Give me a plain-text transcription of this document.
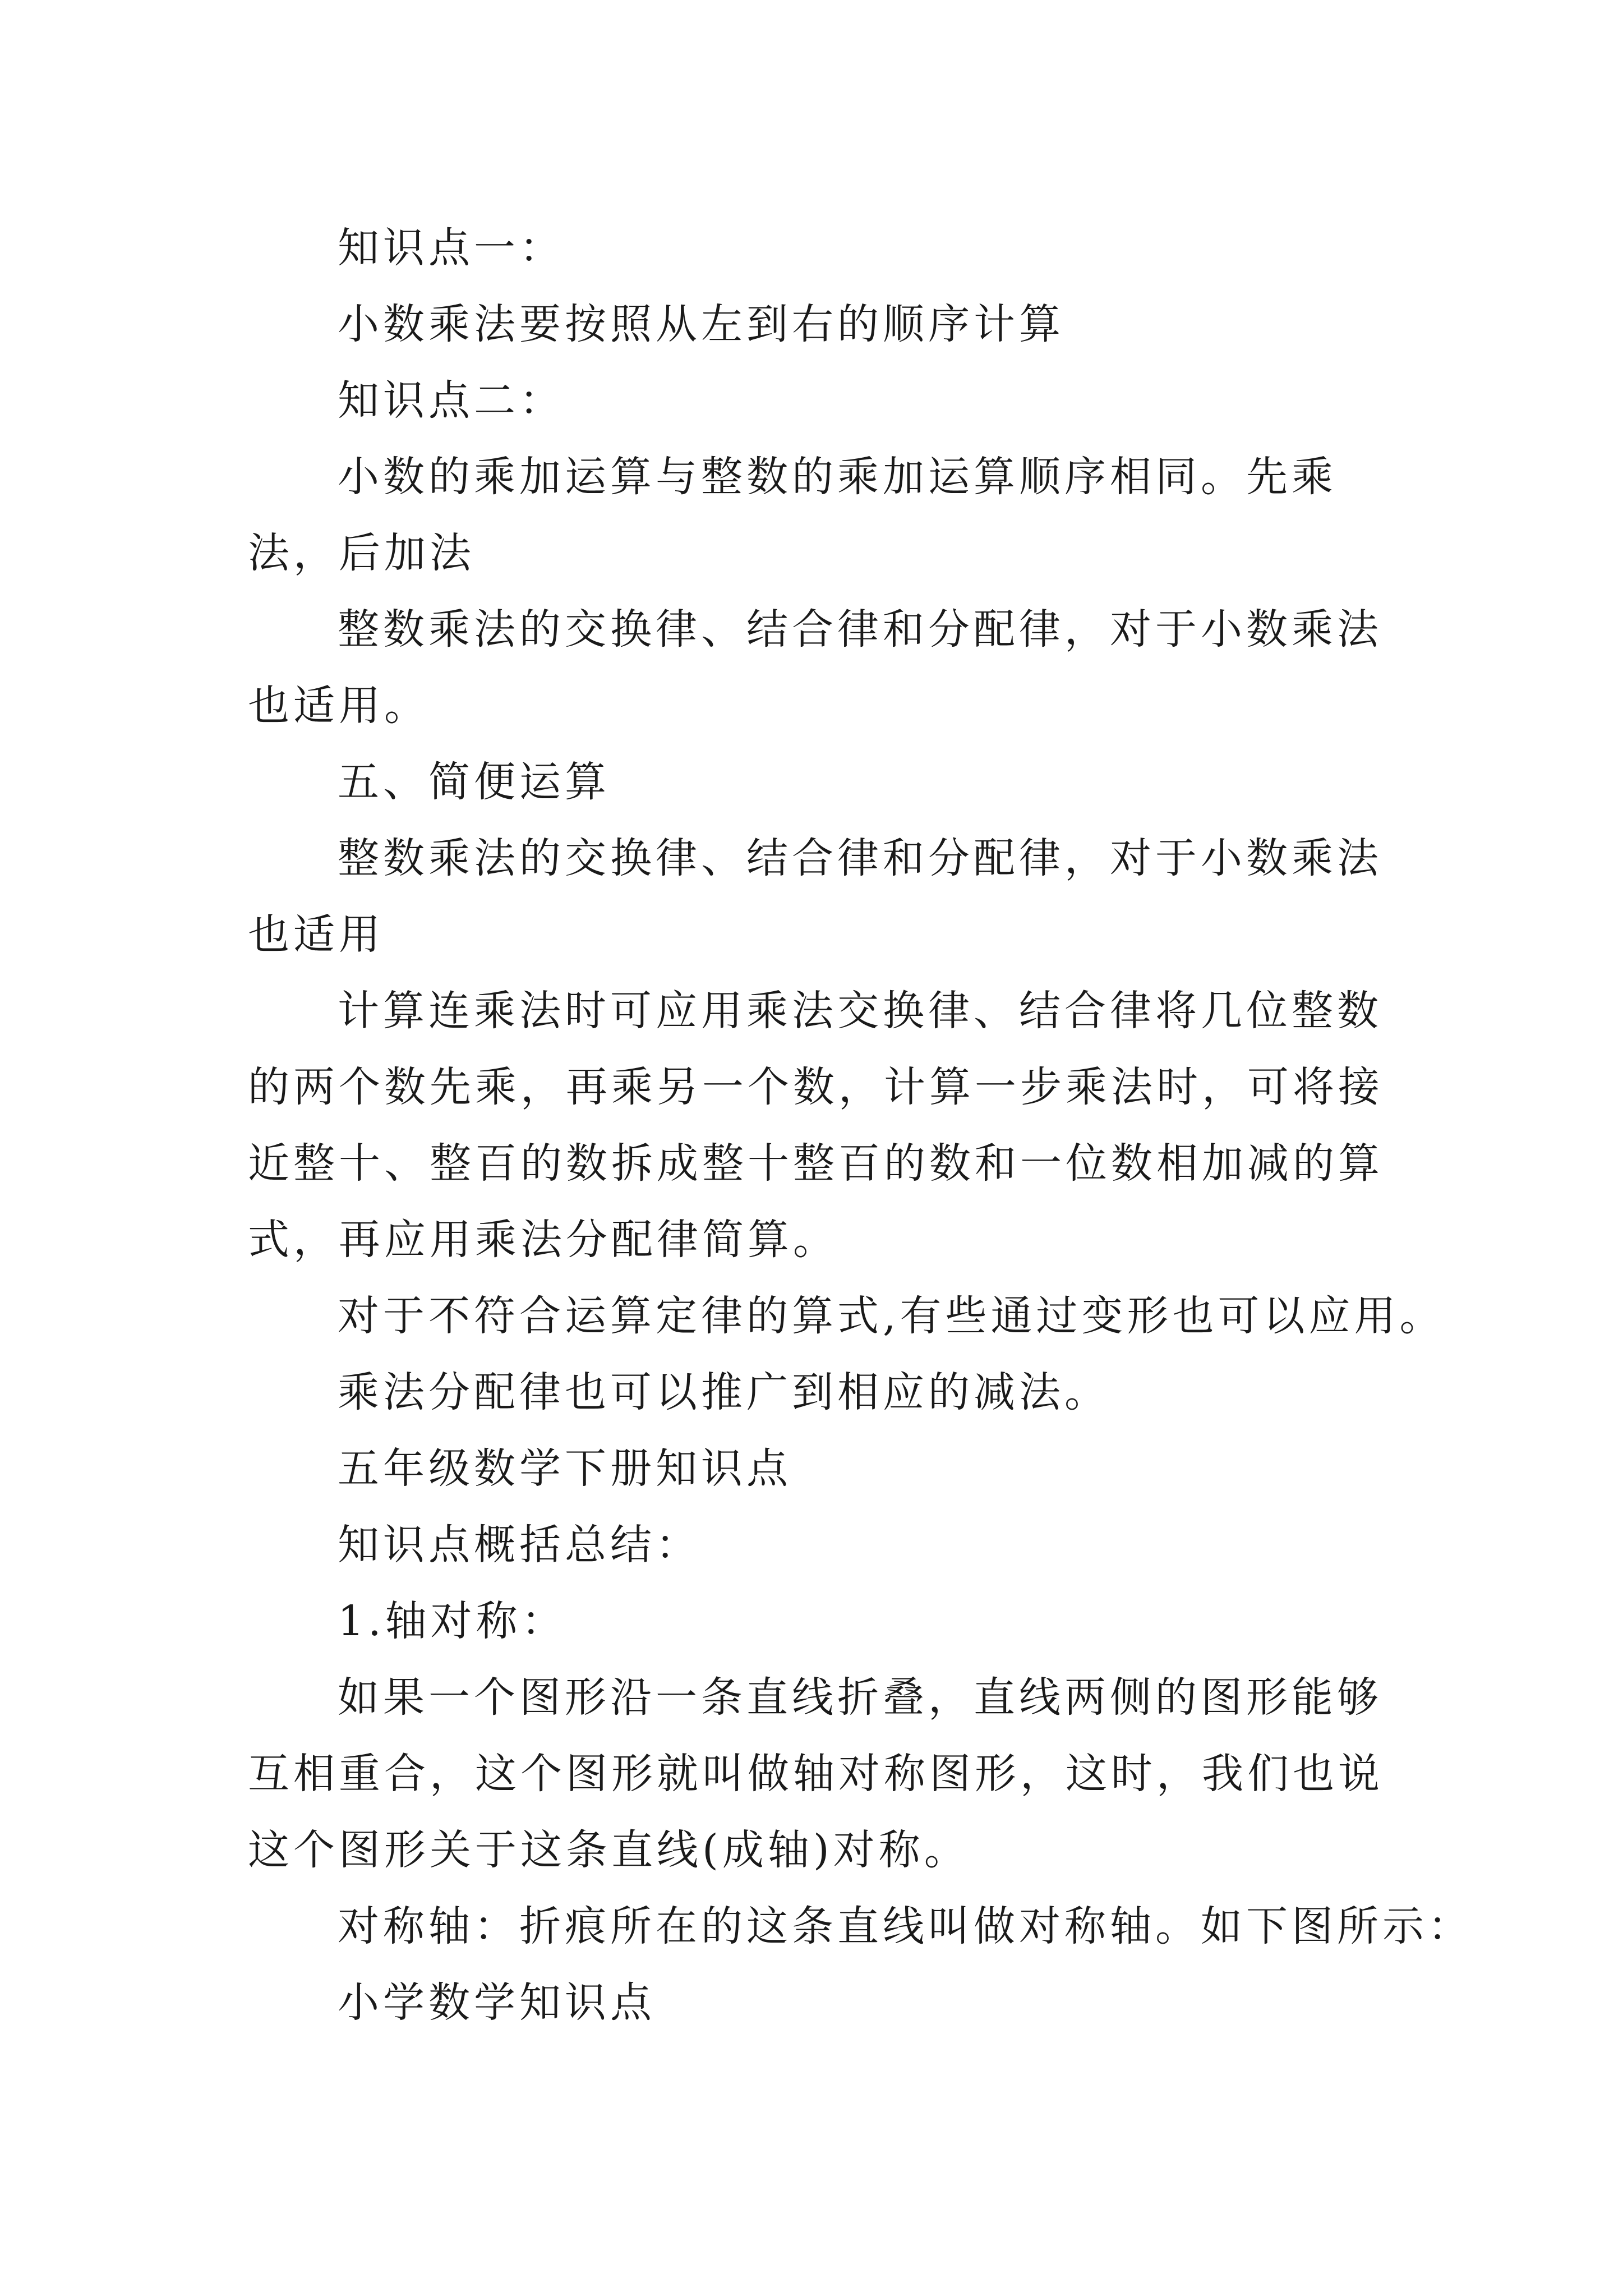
知识点一：

小数乘法要按照从左到右的顺序计算

知识点二：

小数的乘加运算与整数的乘加运算顺序相同。先乘法，后加法

整数乘法的交换律、结合律和分配律，对于小数乘法也适用。

五、简便运算

整数乘法的交换律、结合律和分配律，对于小数乘法也适用

计算连乘法时可应用乘法交换律、结合律将几位整数的两个数先乘，再乘另一个数，计算一步乘法时，可将接近整十、整百的数拆成整十整百的数和一位数相加减的算式，再应用乘法分配律简算。

对于不符合运算定律的算式,有些通过变形也可以应用。

乘法分配律也可以推广到相应的减法。

五年级数学下册知识点

知识点概括总结：

1.轴对称：

如果一个图形沿一条直线折叠，直线两侧的图形能够互相重合，这个图形就叫做轴对称图形，这时，我们也说这个图形关于这条直线(成轴)对称。

对称轴：折痕所在的这条直线叫做对称轴。如下图所示：

小学数学知识点
